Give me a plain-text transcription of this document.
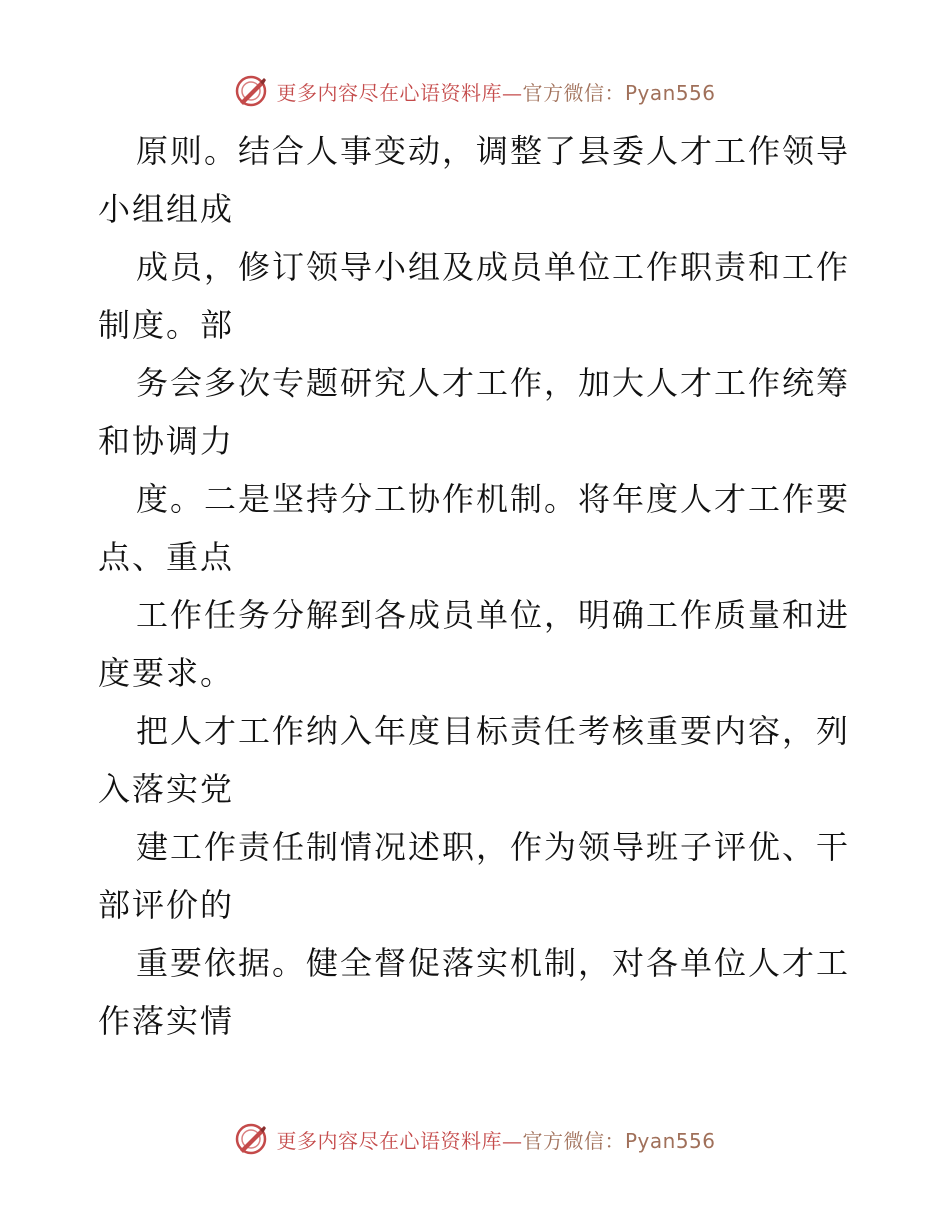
更多内容尽在心语资料库—官方微信：Pyan556

原则。结合人事变动，调整了县委人才工作领导小组组成

成员，修订领导小组及成员单位工作职责和工作制度。部

务会多次专题研究人才工作，加大人才工作统筹和协调力

度。二是坚持分工协作机制。将年度人才工作要点、重点

工作任务分解到各成员单位，明确工作质量和进度要求。

把人才工作纳入年度目标责任考核重要内容，列入落实党

建工作责任制情况述职，作为领导班子评优、干部评价的

重要依据。健全督促落实机制，对各单位人才工作落实情

更多内容尽在心语资料库—官方微信：Pyan556
